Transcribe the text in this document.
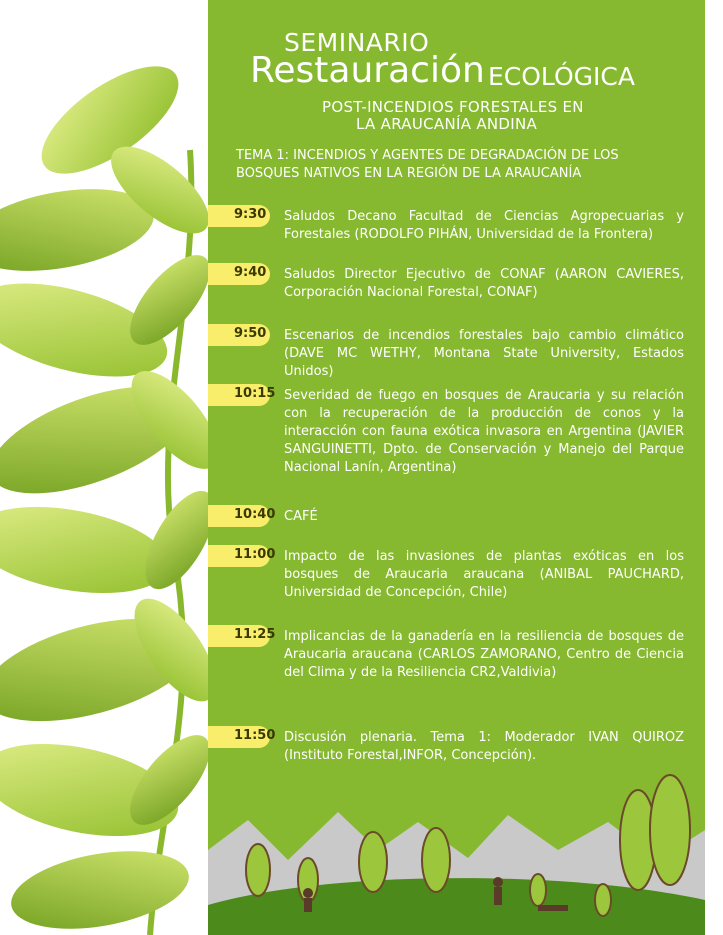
SEMINARIO
Restauración ECOLÓGICA
POST-INCENDIOS FORESTALES EN
LA ARAUCANÍA ANDINA
TEMA 1: INCENDIOS Y AGENTES DE DEGRADACIÓN DE LOS BOSQUES NATIVOS EN LA REGIÓN DE LA ARAUCANÍA
9:30 Saludos Decano Facultad de Ciencias Agropecuarias y Forestales (RODOLFO PIHÁN, Universidad de la Frontera)
9:40 Saludos Director Ejecutivo de CONAF (AARON CAVIERES, Corporación Nacional Forestal, CONAF)
9:50 Escenarios de incendios forestales bajo cambio climático (DAVE MC WETHY, Montana State University, Estados Unidos)
10:15 Severidad de fuego en bosques de Araucaria y su relación con la recuperación de la producción de conos y la interacción con fauna exótica invasora en Argentina (JAVIER SANGUINETTI, Dpto. de Conservación y Manejo del Parque Nacional Lanín, Argentina)
10:40 CAFÉ
11:00 Impacto de las invasiones de plantas exóticas en los bosques de Araucaria araucana (ANIBAL PAUCHARD, Universidad de Concepción, Chile)
11:25 Implicancias de la ganadería en la resiliencia de bosques de Araucaria araucana (CARLOS ZAMORANO, Centro de Ciencia del Clima y de la Resiliencia CR2,Valdivia)
11:50 Discusión plenaria. Tema 1: Moderador IVAN QUIROZ (Instituto Forestal,INFOR, Concepción).
